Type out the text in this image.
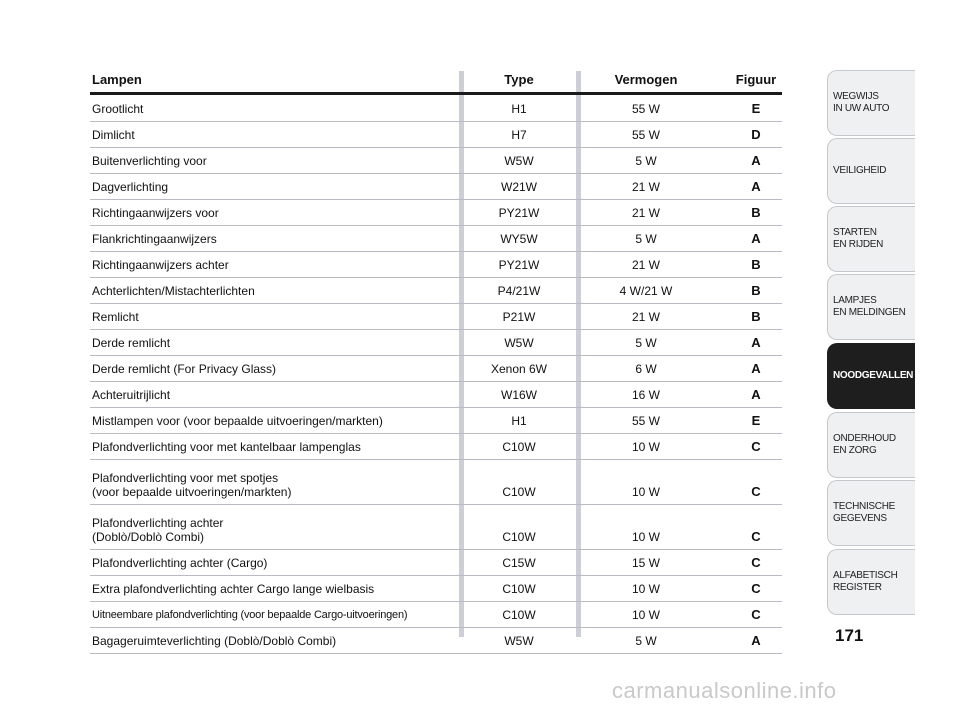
Lampen	Type	Vermogen	Figuur
Grootlicht	H1	55 W	E
Dimlicht	H7	55 W	D
Buitenverlichting voor	W5W	5 W	A
Dagverlichting	W21W	21 W	A
Richtingaanwijzers voor	PY21W	21 W	B
Flankrichtingaanwijzers	WY5W	5 W	A
Richtingaanwijzers achter	PY21W	21 W	B
Achterlichten/Mistachterlichten	P4/21W	4 W/21 W	B
Remlicht	P21W	21 W	B
Derde remlicht	W5W	5 W	A
Derde remlicht (For Privacy Glass)	Xenon 6W	6 W	A
Achteruitrijlicht	W16W	16 W	A
Mistlampen voor (voor bepaalde uitvoeringen/markten)	H1	55 W	E
Plafondverlichting voor met kantelbaar lampenglas	C10W	10 W	C
Plafondverlichting voor met spotjes
(voor bepaalde uitvoeringen/markten)	C10W	10 W	C
Plafondverlichting achter
(Doblò/Doblò Combi)	C10W	10 W	C
Plafondverlichting achter (Cargo)	C15W	15 W	C
Extra plafondverlichting achter Cargo lange wielbasis	C10W	10 W	C
Uitneembare plafondverlichting (voor bepaalde Cargo-uitvoeringen)	C10W	10 W	C
Bagageruimteverlichting (Doblò/Doblò Combi)	W5W	5 W	A
WEGWIJS
IN UW AUTO
VEILIGHEID
STARTEN
EN RIJDEN
LAMPJES
EN MELDINGEN
NOODGEVALLEN
ONDERHOUD
EN ZORG
TECHNISCHE
GEGEVENS
ALFABETISCH
REGISTER
171
carmanualsonline.info
